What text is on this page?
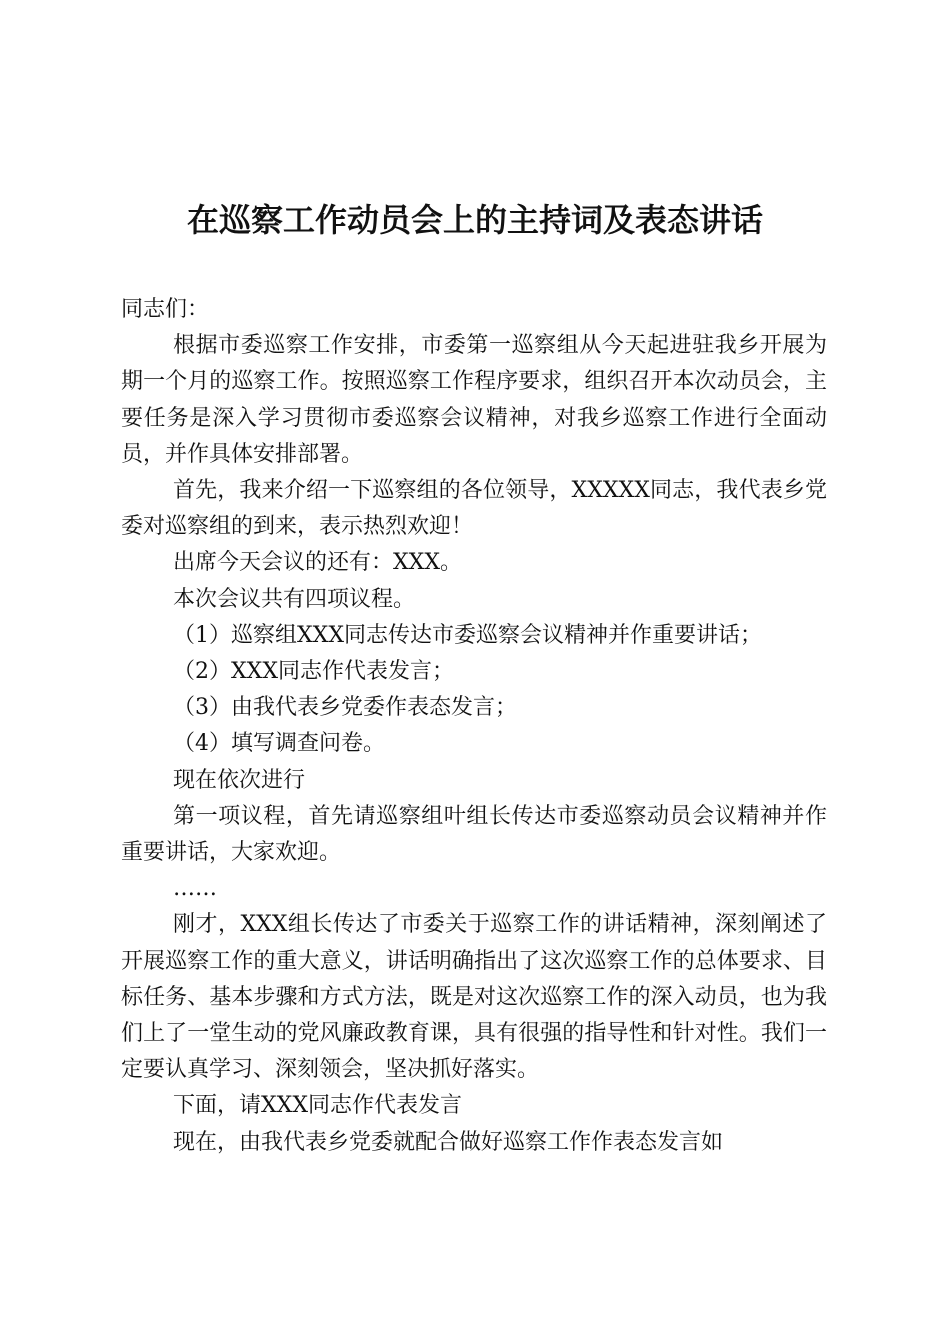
在巡察工作动员会上的主持词及表态讲话

同志们：

根据市委巡察工作安排，市委第一巡察组从今天起进驻我乡开展为期一个月的巡察工作。按照巡察工作程序要求，组织召开本次动员会，主要任务是深入学习贯彻市委巡察会议精神，对我乡巡察工作进行全面动员，并作具体安排部署。

首先，我来介绍一下巡察组的各位领导，XXXXX同志，我代表乡党委对巡察组的到来，表示热烈欢迎！

出席今天会议的还有：XXX。

本次会议共有四项议程。

（1）巡察组XXX同志传达市委巡察会议精神并作重要讲话；

（2）XXX同志作代表发言；

（3）由我代表乡党委作表态发言；

（4）填写调查问卷。

现在依次进行

第一项议程，首先请巡察组叶组长传达市委巡察动员会议精神并作重要讲话，大家欢迎。

……

刚才，XXX组长传达了市委关于巡察工作的讲话精神，深刻阐述了开展巡察工作的重大意义，讲话明确指出了这次巡察工作的总体要求、目标任务、基本步骤和方式方法，既是对这次巡察工作的深入动员，也为我们上了一堂生动的党风廉政教育课，具有很强的指导性和针对性。我们一定要认真学习、深刻领会，坚决抓好落实。

下面，请XXX同志作代表发言

现在，由我代表乡党委就配合做好巡察工作作表态发言如
